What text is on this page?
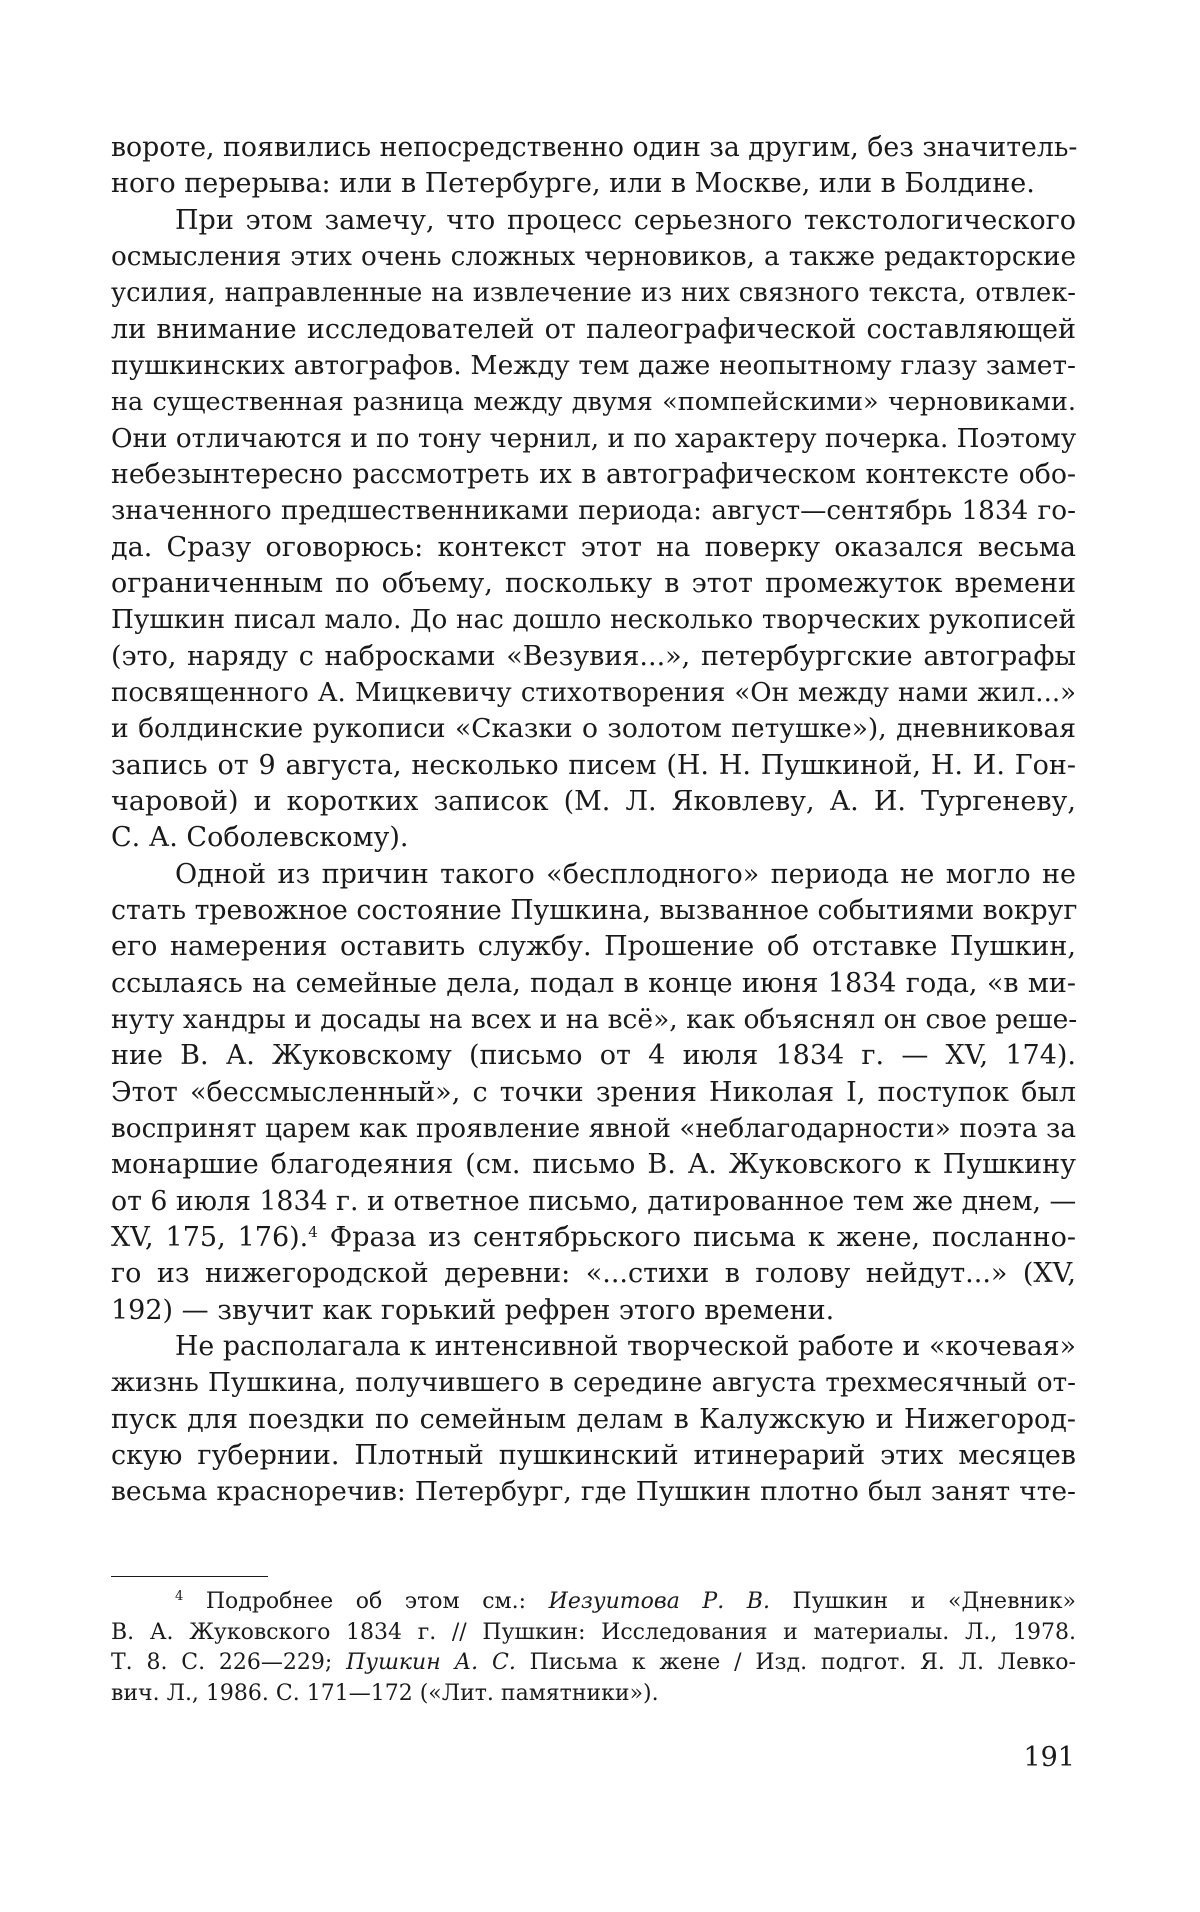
вороте, появились непосредственно один за другим, без значитель-
ного перерыва: или в Петербурге, или в Москве, или в Болдине.
При этом замечу, что процесс серьезного текстологического
осмысления этих очень сложных черновиков, а также редакторские
усилия, направленные на извлечение из них связного текста, отвлек-
ли внимание исследователей от палеографической составляющей
пушкинских автографов. Между тем даже неопытному глазу замет-
на существенная разница между двумя «помпейскими» черновиками.
Они отличаются и по тону чернил, и по характеру почерка. Поэтому
небезынтересно рассмотреть их в автографическом контексте обо-
значенного предшественниками периода: август—сентябрь 1834 го-
да. Сразу оговорюсь: контекст этот на поверку оказался весьма
ограниченным по объему, поскольку в этот промежуток времени
Пушкин писал мало. До нас дошло несколько творческих рукописей
(это, наряду с набросками «Везувия...», петербургские автографы
посвященного А. Мицкевичу стихотворения «Он между нами жил...»
и болдинские рукописи «Сказки о золотом петушке»), дневниковая
запись от 9 августа, несколько писем (Н. Н. Пушкиной, Н. И. Гон-
чаровой) и коротких записок (М. Л. Яковлеву, А. И. Тургеневу,
С. А. Соболевскому).
Одной из причин такого «бесплодного» периода не могло не
стать тревожное состояние Пушкина, вызванное событиями вокруг
его намерения оставить службу. Прошение об отставке Пушкин,
ссылаясь на семейные дела, подал в конце июня 1834 года, «в ми-
нуту хандры и досады на всех и на всё», как объяснял он свое реше-
ние В. А. Жуковскому (письмо от 4 июля 1834 г. — XV, 174).
Этот «бессмысленный», с точки зрения Николая I, поступок был
воспринят царем как проявление явной «неблагодарности» поэта за
монаршие благодеяния (см. письмо В. А. Жуковского к Пушкину
от 6 июля 1834 г. и ответное письмо, датированное тем же днем, —
XV, 175, 176).$^4$ Фраза из сентябрьского письма к жене, посланно-
го из нижегородской деревни: «...стихи в голову нейдут...» (XV,
192) — звучит как горький рефрен этого времени.
Не располагала к интенсивной творческой работе и «кочевая»
жизнь Пушкина, получившего в середине августа трехмесячный от-
пуск для поездки по семейным делам в Калужскую и Нижегород-
скую губернии. Плотный пушкинский итинерарий этих месяцев
весьма красноречив: Петербург, где Пушкин плотно был занят чте-
$^4$ Подробнее об этом см.: Иезуитова Р. В. Пушкин и «Дневник»
В. А. Жуковского 1834 г. // Пушкин: Исследования и материалы. Л., 1978.
Т. 8. С. 226—229; Пушкин А. С. Письма к жене / Изд. подгот. Я. Л. Левко-
вич. Л., 1986. С. 171—172 («Лит. памятники»).
191
